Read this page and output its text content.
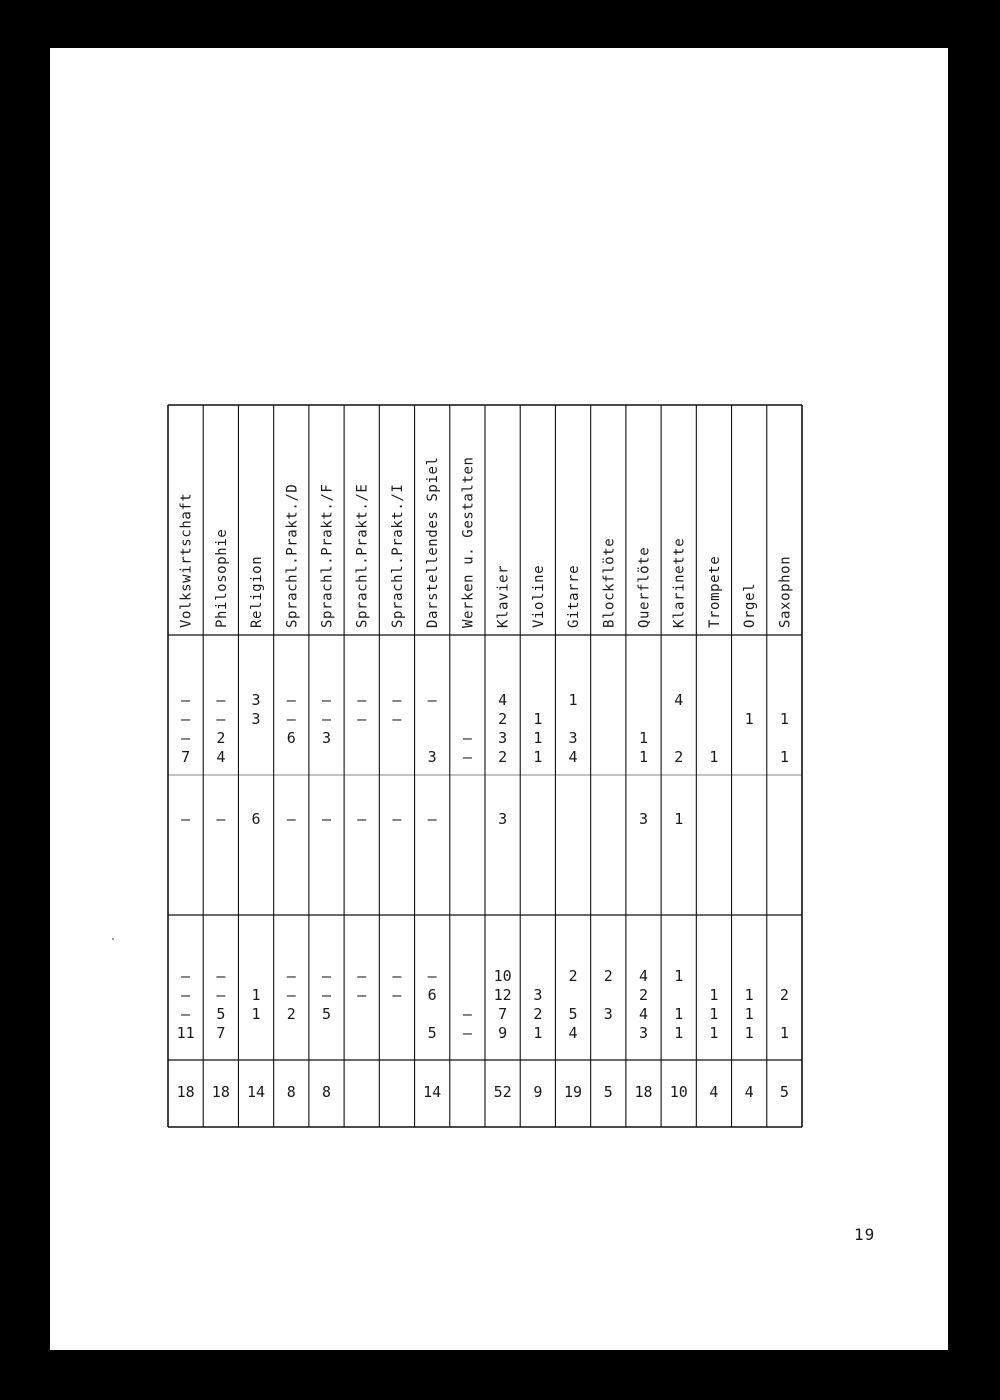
Volkswirtschaft
–
–
–
7
–
–
–
–
11
18
Philosophie
–
–
2
4
–
–
–
5
7
18
Religion
3
3
6
1
1
14
Sprachl.Prakt./D
–
–
6
–
–
–
2
8
Sprachl.Prakt./F
–
–
3
–
–
–
5
8
Sprachl.Prakt./E
–
–
–
–
–
Sprachl.Prakt./I
–
–
–
–
–
Darstellendes Spiel
–
3
–
–
6
5
14
Werken u. Gestalten
–
–
–
–
Klavier
4
2
3
2
3
10
12
7
9
52
Violine
1
1
1
3
2
1
9
Gitarre
1
3
4
2
5
4
19
Blockflöte
2
3
5
Querflöte
1
1
3
4
2
4
3
18
Klarinette
4
2
1
1
1
1
10
Trompete
1
1
1
1
4
Orgel
1
1
1
1
4
Saxophon
1
1
2
1
5
19
